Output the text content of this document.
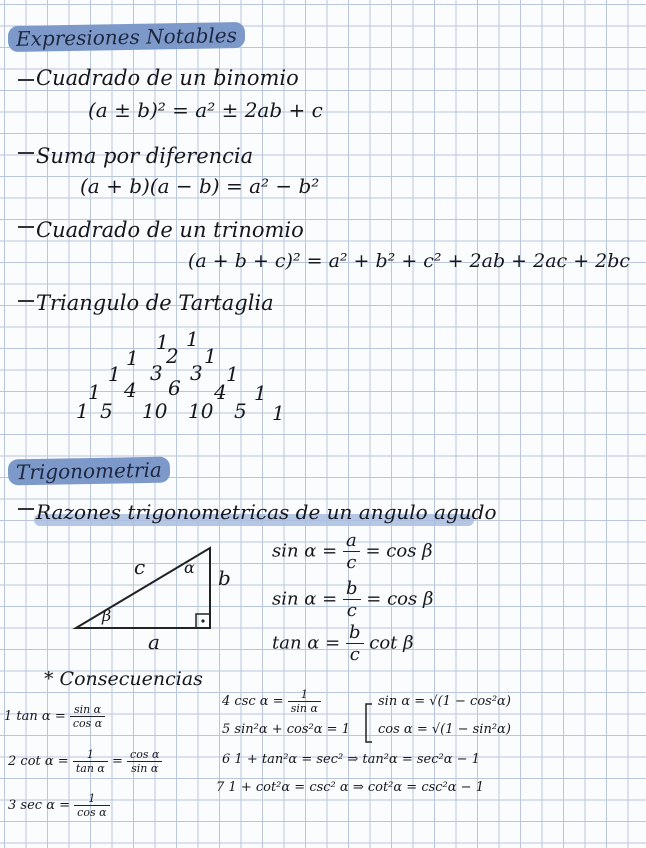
Expresiones Notables
Cuadrado de un binomio
(a ± b)² = a² ± 2ab + c
Suma por diferencia
(a + b)(a − b) = a² − b²
Cuadrado de un trinomio
(a + b + c)² = a² + b² + c² + 2ab + 2ac + 2bc
Triangulo de Tartaglia
1 1
1 2 1
1 3 3 1
1 4 6 4 1
1 5 10 10 5 1
Trigonometria
Razones trigonometricas de un angulo agudo
c
a
b
α
β
$\sin \alpha = \frac{a}{c} = \cos \beta$
$\sin \alpha = \frac{b}{c} = \cos \beta$
$\tan \alpha = \frac{b}{c}$ cot β
* Consecuencias
1 $\tan \alpha = \frac{\text{sin α}}{\text{cos α}}$
2 $\cot \alpha = \frac{1}{\text{tan α}} = \frac{\text{cos α}}{\text{sin α}}$
3 $\sec \alpha = \frac{1}{\text{cos α}}$
4 $\csc \alpha = \frac{1}{\text{sin α}}$
5 sin²α + cos²α = 1
sin α = √(1 − cos²α)
cos α = √(1 − sin²α)
6 1 + tan²α = sec² ⇒ tan²α = sec²α − 1
7 1 + cot²α = csc² α ⇒ cot²α = csc²α − 1
